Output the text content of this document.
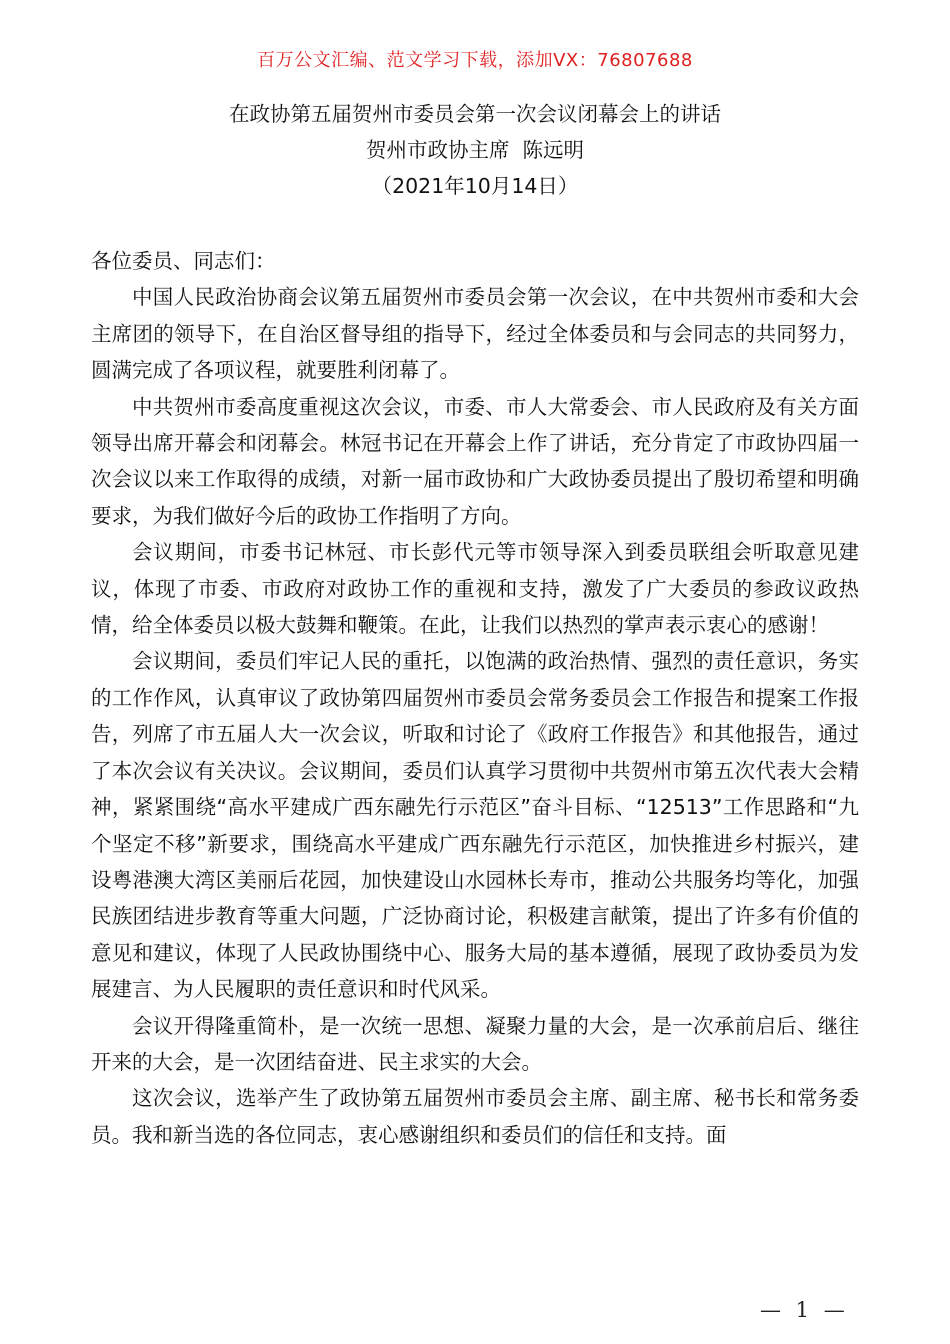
百万公文汇编、范文学习下载，添加VX：76807688
在政协第五届贺州市委员会第一次会议闭幕会上的讲话
贺州市政协主席  陈远明
（2021年10月14日）

各位委员、同志们：

中国人民政治协商会议第五届贺州市委员会第一次会议，在中共贺州市委和大会主席团的领导下，在自治区督导组的指导下，经过全体委员和与会同志的共同努力，圆满完成了各项议程，就要胜利闭幕了。

中共贺州市委高度重视这次会议，市委、市人大常委会、市人民政府及有关方面领导出席开幕会和闭幕会。林冠书记在开幕会上作了讲话，充分肯定了市政协四届一次会议以来工作取得的成绩，对新一届市政协和广大政协委员提出了殷切希望和明确要求，为我们做好今后的政协工作指明了方向。

会议期间，市委书记林冠、市长彭代元等市领导深入到委员联组会听取意见建议，体现了市委、市政府对政协工作的重视和支持，激发了广大委员的参政议政热情，给全体委员以极大鼓舞和鞭策。在此，让我们以热烈的掌声表示衷心的感谢！

会议期间，委员们牢记人民的重托，以饱满的政治热情、强烈的责任意识，务实的工作作风，认真审议了政协第四届贺州市委员会常务委员会工作报告和提案工作报告，列席了市五届人大一次会议，听取和讨论了《政府工作报告》和其他报告，通过了本次会议有关决议。会议期间，委员们认真学习贯彻中共贺州市第五次代表大会精神，紧紧围绕“高水平建成广西东融先行示范区”奋斗目标、“12513”工作思路和“九个坚定不移”新要求，围绕高水平建成广西东融先行示范区，加快推进乡村振兴，建设粤港澳大湾区美丽后花园，加快建设山水园林长寿市，推动公共服务均等化，加强民族团结进步教育等重大问题，广泛协商讨论，积极建言献策，提出了许多有价值的意见和建议，体现了人民政协围绕中心、服务大局的基本遵循，展现了政协委员为发展建言、为人民履职的责任意识和时代风采。

会议开得隆重简朴，是一次统一思想、凝聚力量的大会，是一次承前启后、继往开来的大会，是一次团结奋进、民主求实的大会。

这次会议，选举产生了政协第五届贺州市委员会主席、副主席、秘书长和常务委员。我和新当选的各位同志，衷心感谢组织和委员们的信任和支持。面

— 1 —
